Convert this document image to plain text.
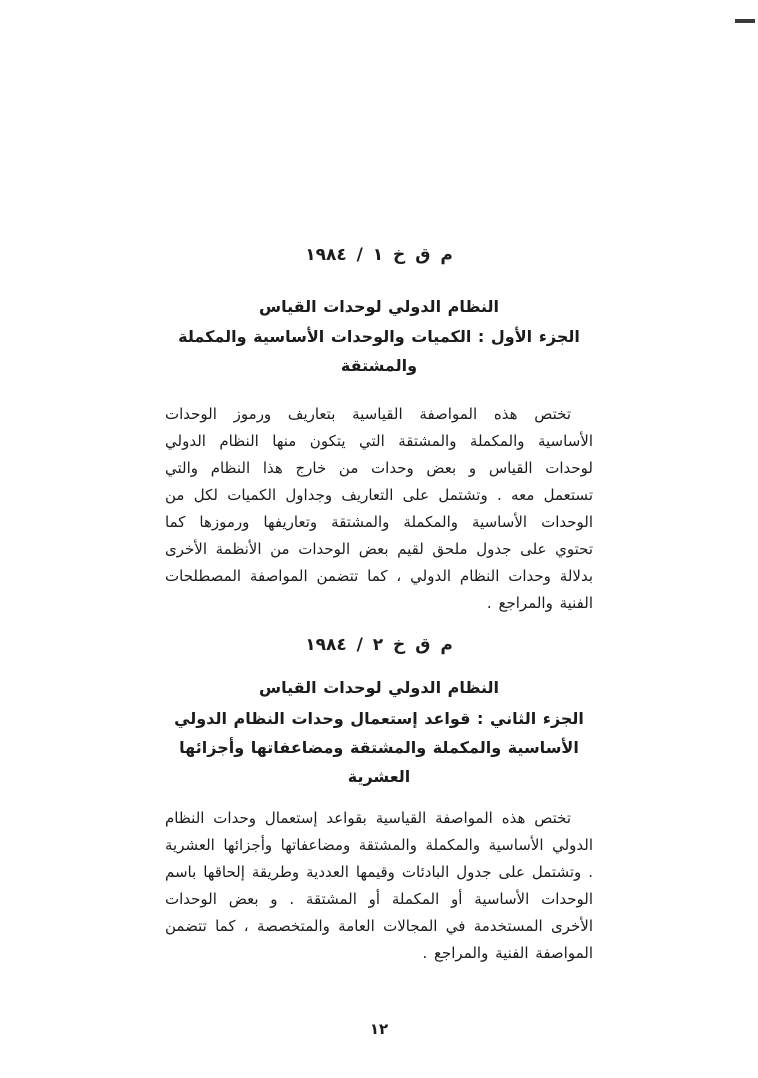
م ق خ ١ / ١٩٨٤
النظام الدولي لوحدات القياس
الجزء الأول : الكميات والوحدات الأساسية والمكملة والمشتقة

تختص هذه المواصفة القياسية بتعاريف ورموز الوحدات الأساسية والمكملة والمشتقة التي يتكون منها النظام الدولي لوحدات القياس و بعض وحدات من خارج هذا النظام والتي تستعمل معه . وتشتمل على التعاريف وجداول الكميات لكل من الوحدات الأساسية والمكملة والمشتقة وتعاريفها ورموزها كما تحتوي على جدول ملحق لقيم بعض الوحدات من الأنظمة الأخرى بدلالة وحدات النظام الدولي ، كما تتضمن المواصفة المصطلحات الفنية والمراجع .

م ق خ ٢ / ١٩٨٤
النظام الدولي لوحدات القياس
الجزء الثاني : قواعد إستعمال وحدات النظام الدولي الأساسية والمكملة والمشتقة ومضاعفاتها وأجزائها العشرية

تختص هذه المواصفة القياسية بقواعد إستعمال وحدات النظام الدولي الأساسية والمكملة والمشتقة ومضاعفاتها وأجزائها العشرية . وتشتمل على جدول البادئات وقيمها العددية وطريقة إلحاقها باسم الوحدات الأساسية أو المكملة أو المشتقة . و بعض الوحدات الأخرى المستخدمة في المجالات العامة والمتخصصة ، كما تتضمن المواصفة الفنية والمراجع .

١٢
